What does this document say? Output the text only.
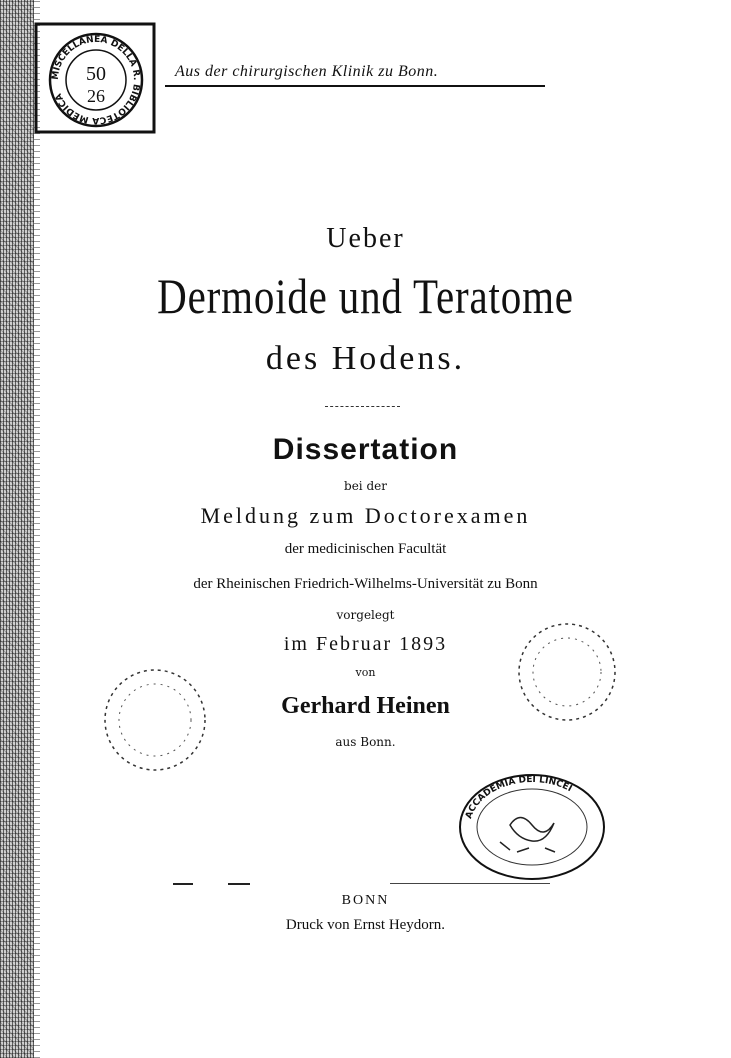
MISCELLANEA DELLA R. BIBLIOTECA MEDICA
50
26
Aus der chirurgischen Klinik zu Bonn.
Ueber
Dermoide und Teratome
des Hodens.
Dissertation
bei der
Meldung zum Doctorexamen
der medicinischen Facultät
der Rheinischen Friedrich-Wilhelms-Universität zu Bonn
vorgelegt
im Februar 1893
von
Gerhard Heinen
aus Bonn.
ACCADEMIA DEI LINCEI
BONN
Druck von Ernst Heydorn.
